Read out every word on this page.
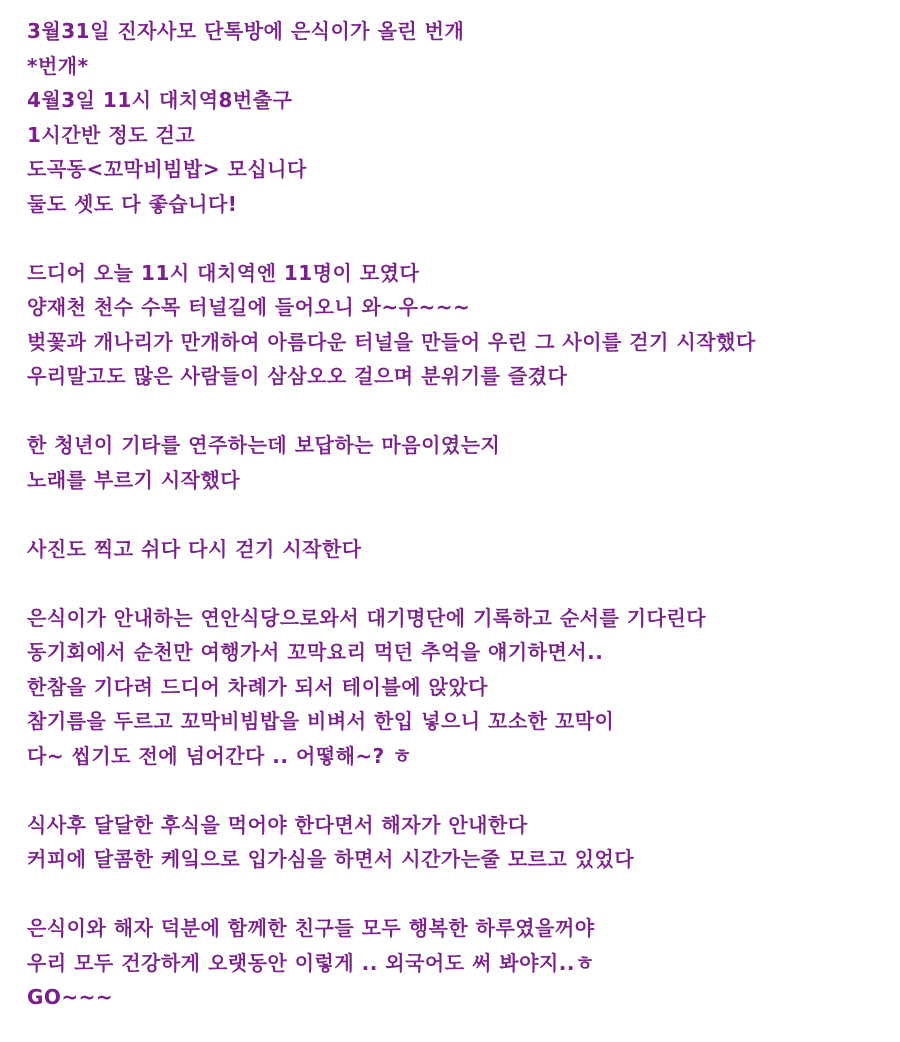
3월31일 진자사모 단톡방에 은식이가 올린 번개
*번개*
4월3일 11시 대치역8번출구
1시간반 정도 걷고
도곡동<꼬막비빔밥> 모십니다
둘도 셋도 다 좋습니다!
드디어 오늘 11시 대치역엔 11명이 모였다
양재천 천수 수목 터널길에 들어오니 와~우~~~
벚꽃과 개나리가 만개하여 아름다운 터널을 만들어 우린 그 사이를 걷기 시작했다
우리말고도 많은 사람들이 삼삼오오 걸으며 분위기를 즐겼다
한 청년이 기타를 연주하는데 보답하는 마음이였는지
노래를 부르기 시작했다
사진도 찍고 쉬다 다시 걷기 시작한다
은식이가 안내하는 연안식당으로와서 대기명단에 기록하고 순서를 기다린다
동기회에서 순천만 여행가서 꼬막요리 먹던 추억을 얘기하면서..
한참을 기다려 드디어 차례가 되서 테이블에 앉았다
참기름을 두르고 꼬막비빔밥을 비벼서 한입 넣으니 꼬소한 꼬막이
다~ 씹기도 전에 넘어간다 .. 어떻해~? ㅎ
식사후 달달한 후식을 먹어야 한다면서 해자가 안내한다
커피에 달콤한 케잌으로 입가심을 하면서 시간가는줄 모르고 있었다
은식이와 해자 덕분에 함께한 친구들 모두 행복한 하루였을꺼야
우리 모두 건강하게 오랫동안 이렇게 .. 외국어도 써 봐야지..ㅎ
GO~~~
